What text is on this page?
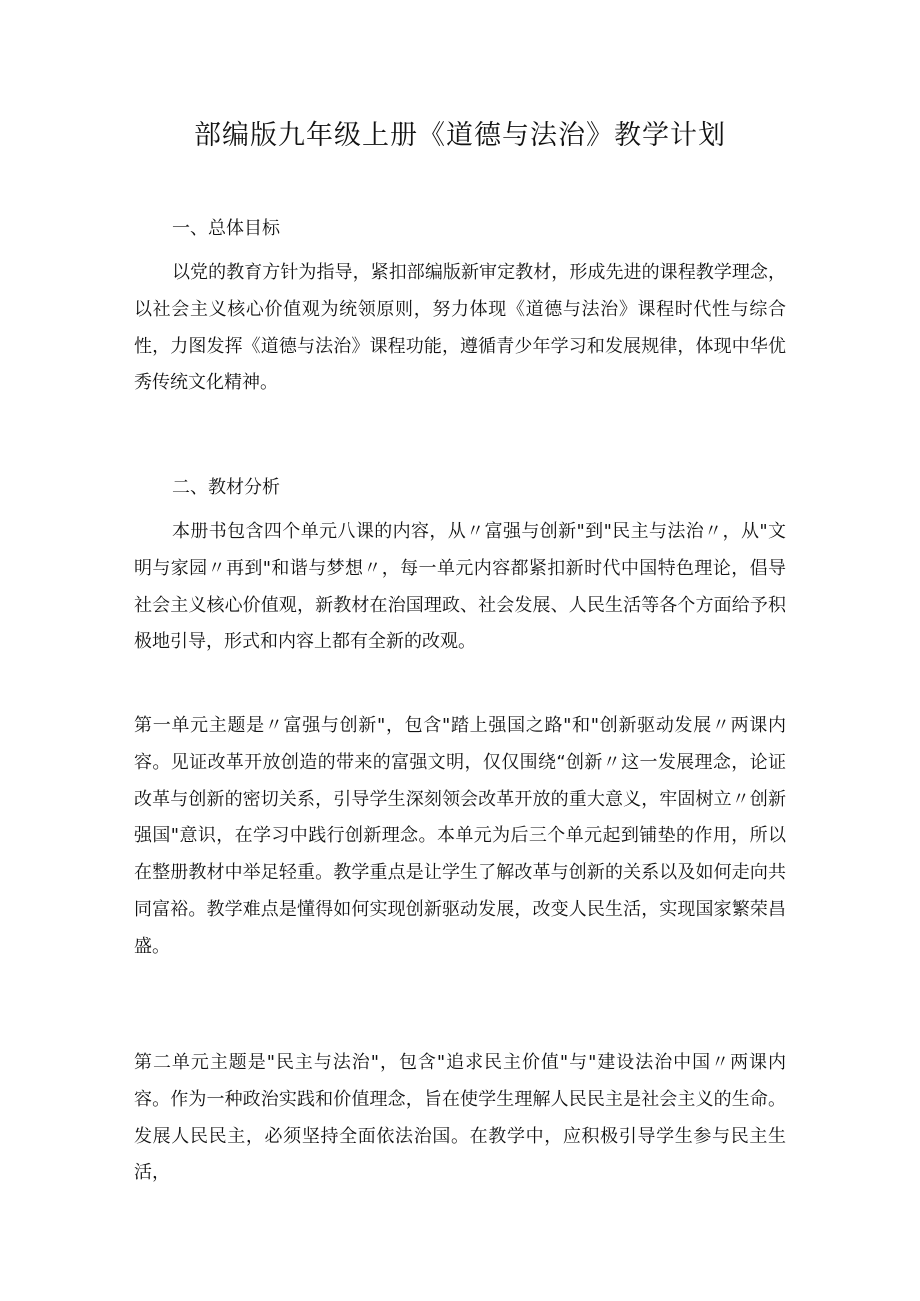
部编版九年级上册《道德与法治》教学计划
一、总体目标
以党的教育方针为指导，紧扣部编版新审定教材，形成先进的课程教学理念，以社会主义核心价值观为统领原则，努力体现《道德与法治》课程时代性与综合性，力图发挥《道德与法治》课程功能，遵循青少年学习和发展规律，体现中华优秀传统文化精神。
二、教材分析
本册书包含四个单元八课的内容，从〃富强与创新"到"民主与法治〃，从"文明与家园〃再到"和谐与梦想〃，每一单元内容都紧扣新时代中国特色理论，倡导社会主义核心价值观，新教材在治国理政、社会发展、人民生活等各个方面给予积极地引导，形式和内容上都有全新的改观。
第一单元主题是〃富强与创新"，包含"踏上强国之路"和"创新驱动发展〃两课内容。见证改革开放创造的带来的富强文明，仅仅围绕“创新〃这一发展理念，论证改革与创新的密切关系，引导学生深刻领会改革开放的重大意义，牢固树立〃创新强国"意识，在学习中践行创新理念。本单元为后三个单元起到铺垫的作用，所以在整册教材中举足轻重。教学重点是让学生了解改革与创新的关系以及如何走向共同富裕。教学难点是懂得如何实现创新驱动发展，改变人民生活，实现国家繁荣昌盛。
第二单元主题是"民主与法治"，包含"追求民主价值"与"建设法治中国〃两课内容。作为一种政治实践和价值理念，旨在使学生理解人民民主是社会主义的生命。发展人民民主，必须坚持全面依法治国。在教学中，应积极引导学生参与民主生活，
